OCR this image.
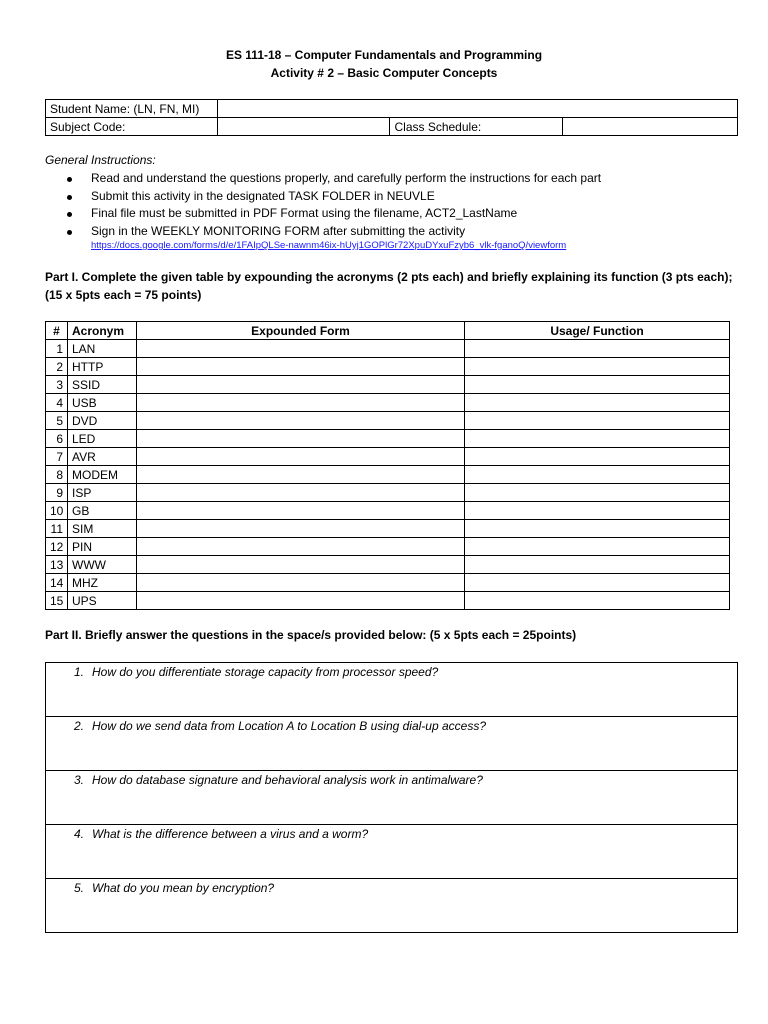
ES 111-18 – Computer Fundamentals and Programming
Activity # 2 – Basic Computer Concepts
Student Name: (LN, FN, MI)			
Subject Code:		Class Schedule:	
General Instructions:
Read and understand the questions properly, and carefully perform the instructions for each part
Submit this activity in the designated TASK FOLDER in NEUVLE
Final file must be submitted in PDF Format using the filename, ACT2_LastName
Sign in the WEEKLY MONITORING FORM after submitting the activity
https://docs.google.com/forms/d/e/1FAIpQLSe-nawnm46ix-hUyj1GOPlGr72XpuDYxuFzyb6_vlk-fganoQ/viewform
Part I. Complete the given table by expounding the acronyms (2 pts each) and briefly explaining its function (3 pts each); (15 x 5pts each = 75 points)
#	Acronym	Expounded Form	Usage/ Function
1	LAN		
2	HTTP		
3	SSID		
4	USB		
5	DVD		
6	LED		
7	AVR		
8	MODEM		
9	ISP		
10	GB		
11	SIM		
12	PIN		
13	WWW		
14	MHZ		
15	UPS		
Part II. Briefly answer the questions in the space/s provided below: (5 x 5pts each = 25points)
1. How do you differentiate storage capacity from processor speed?
2. How do we send data from Location A to Location B using dial-up access?
3. How do database signature and behavioral analysis work in antimalware?
4. What is the difference between a virus and a worm?
5. What do you mean by encryption?
